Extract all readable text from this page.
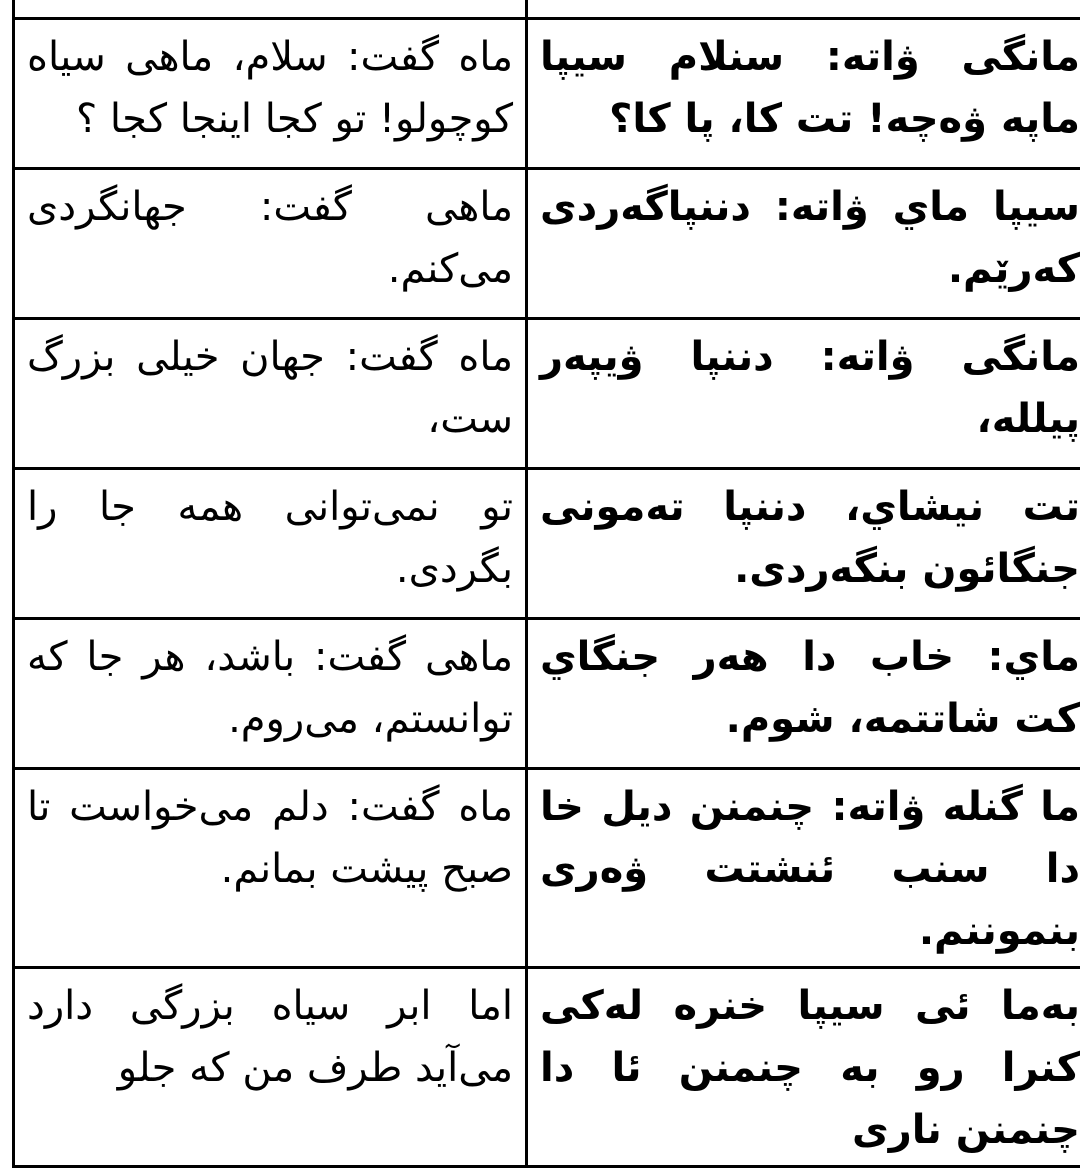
ماه گفت: سلام، ماهی سیاه کوچولو! تو کجا اینجا کجا ؟	مانگی ۋاته: سنلام سیپا ماپه ۋەچه! تت کا، پا کا؟
ماهی گفت: جهانگردی می‌کنم.	سیپا ماي ۋاته: دننپاگەردی کەرێم.
ماه گفت: جهان خیلی بزرگ ست،	مانگی ۋاته: دننپا ۋیپەر پیلله،
تو نمی‌توانی همه جا را بگردی.	تت نیشاي، دننپا تەمونی جنگائون بنگەردی.
ماهی گفت: باشد، هر جا که توانستم، می‌روم.	ماي: خاب دا هەر جنگاي کت شاتتمه، شوم.
ماه گفت: دلم می‌خواست تا صبح پیشت بمانم.	ما گنله ۋاته: چنمنن دیل خا دا سنب ئنشتت ۋەری بنموننم.
اما ابر سیاه بزرگی دارد می‌آید طرف من که جلو	بەما ئی سیپا خنره لەکی کنرا رو به چنمنن ئا دا چنمنن ناری
